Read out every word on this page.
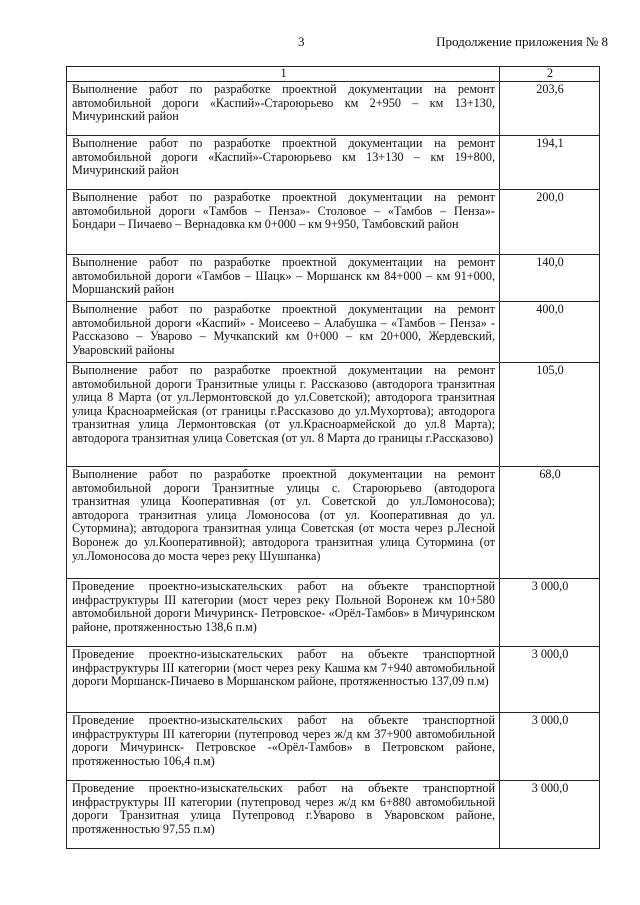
3	Продолжение приложения № 8
1	2
Выполнение работ по разработке проектной документации на ремонт автомобильной дороги «Каспий»-Староюрьево км 2+950 – км 13+130, Мичуринский район	203,6
Выполнение работ по разработке проектной документации на ремонт автомобильной дороги «Каспий»-Староюрьево км 13+130 – км 19+800, Мичуринский район	194,1
Выполнение работ по разработке проектной документации на ремонт автомобильной дороги «Тамбов – Пенза»- Столовое – «Тамбов – Пенза»- Бондари – Пичаево – Вернадовка км 0+000 – км 9+950, Тамбовский район	200,0
Выполнение работ по разработке проектной документации на ремонт автомобильной дороги «Тамбов – Шацк» – Моршанск км 84+000 – км 91+000, Моршанский район	140,0
Выполнение работ по разработке проектной документации на ремонт автомобильной дороги «Каспий» - Моисеево – Алабушка – «Тамбов – Пенза» - Рассказово – Уварово – Мучкапский км 0+000 – км 20+000, Жердевский, Уваровский районы	400,0
Выполнение работ по разработке проектной документации на ремонт автомобильной дороги Транзитные улицы г. Рассказово (автодорога транзитная улица 8 Марта (от ул.Лермонтовской до ул.Советской); автодорога транзитная улица Красноармейская (от границы г.Рассказово до ул.Мухортова); автодорога транзитная улица Лермонтовская (от ул.Красноармейской до ул.8 Марта); автодорога транзитная улица Советская (от ул. 8 Марта до границы г.Рассказово)	105,0
Выполнение работ по разработке проектной документации на ремонт автомобильной дороги Транзитные улицы с. Староюрьево (автодорога транзитная улица Кооперативная (от ул. Советской до ул.Ломоносова); автодорога транзитная улица Ломоносова (от ул. Кооперативная до ул. Сутормина); автодорога транзитная улица Советская (от моста через р.Лесной Воронеж до ул.Кооперативной); автодорога транзитная улица Сутормина (от ул.Ломоносова до моста через реку Шушпанка)	68,0
Проведение проектно-изыскательских работ на объекте транспортной инфраструктуры III категории (мост через реку Польной Воронеж км 10+580 автомобильной дороги Мичуринск- Петровское- «Орёл-Тамбов» в Мичуринском районе, протяженностью 138,6 п.м)	3 000,0
Проведение проектно-изыскательских работ на объекте транспортной инфраструктуры III категории (мост через реку Кашма км 7+940 автомобильной дороги Моршанск-Пичаево в Моршанском районе, протяженностью 137,09 п.м)	3 000,0
Проведение проектно-изыскательских работ на объекте транспортной инфраструктуры III категории (путепровод через ж/д км 37+900 автомобильной дороги Мичуринск- Петровское -«Орёл-Тамбов» в Петровском районе, протяженностью 106,4 п.м)	3 000,0
Проведение проектно-изыскательских работ на объекте транспортной инфраструктуры III категории (путепровод через ж/д км 6+880 автомобильной дороги Транзитная улица Путепровод г.Уварово в Уваровском районе, протяженностью 97,55 п.м)	3 000,0
